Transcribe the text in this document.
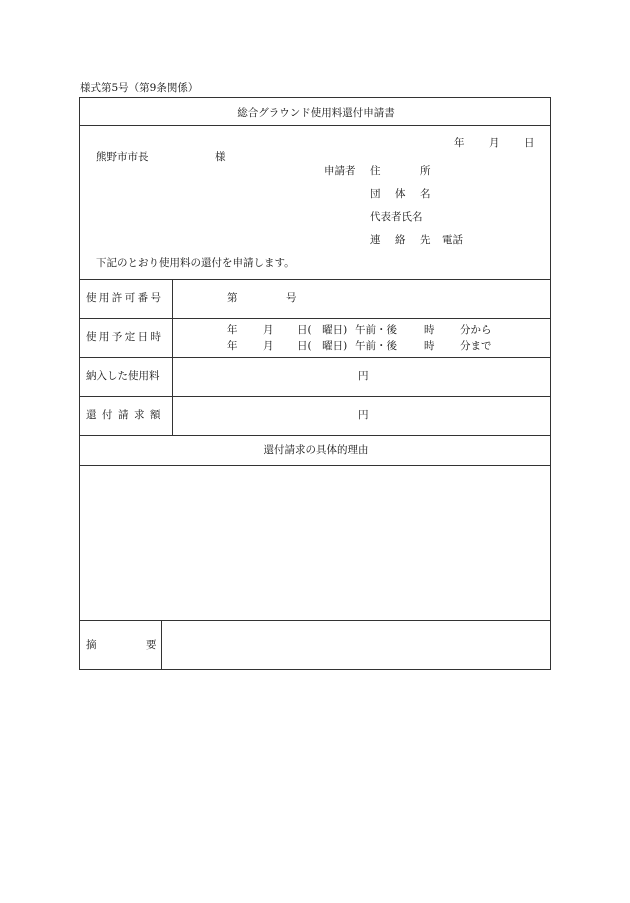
様式第5号（第9条関係）
総合グラウンド使用料還付申請書
年 月 日
熊野市市長	様
申請者 住	所
団 体 名
代表者氏名
連 絡 先 電話
下記のとおり使用料の還付を申請します。
使用許可番号	第	号
使用予定日時
年 月 日(　曜日) 午前・後	時 分から
年 月 日(　曜日) 午前・後	時 分まで
納入した使用料	円
還付請求額	円
還付請求の具体的理由
摘	要
